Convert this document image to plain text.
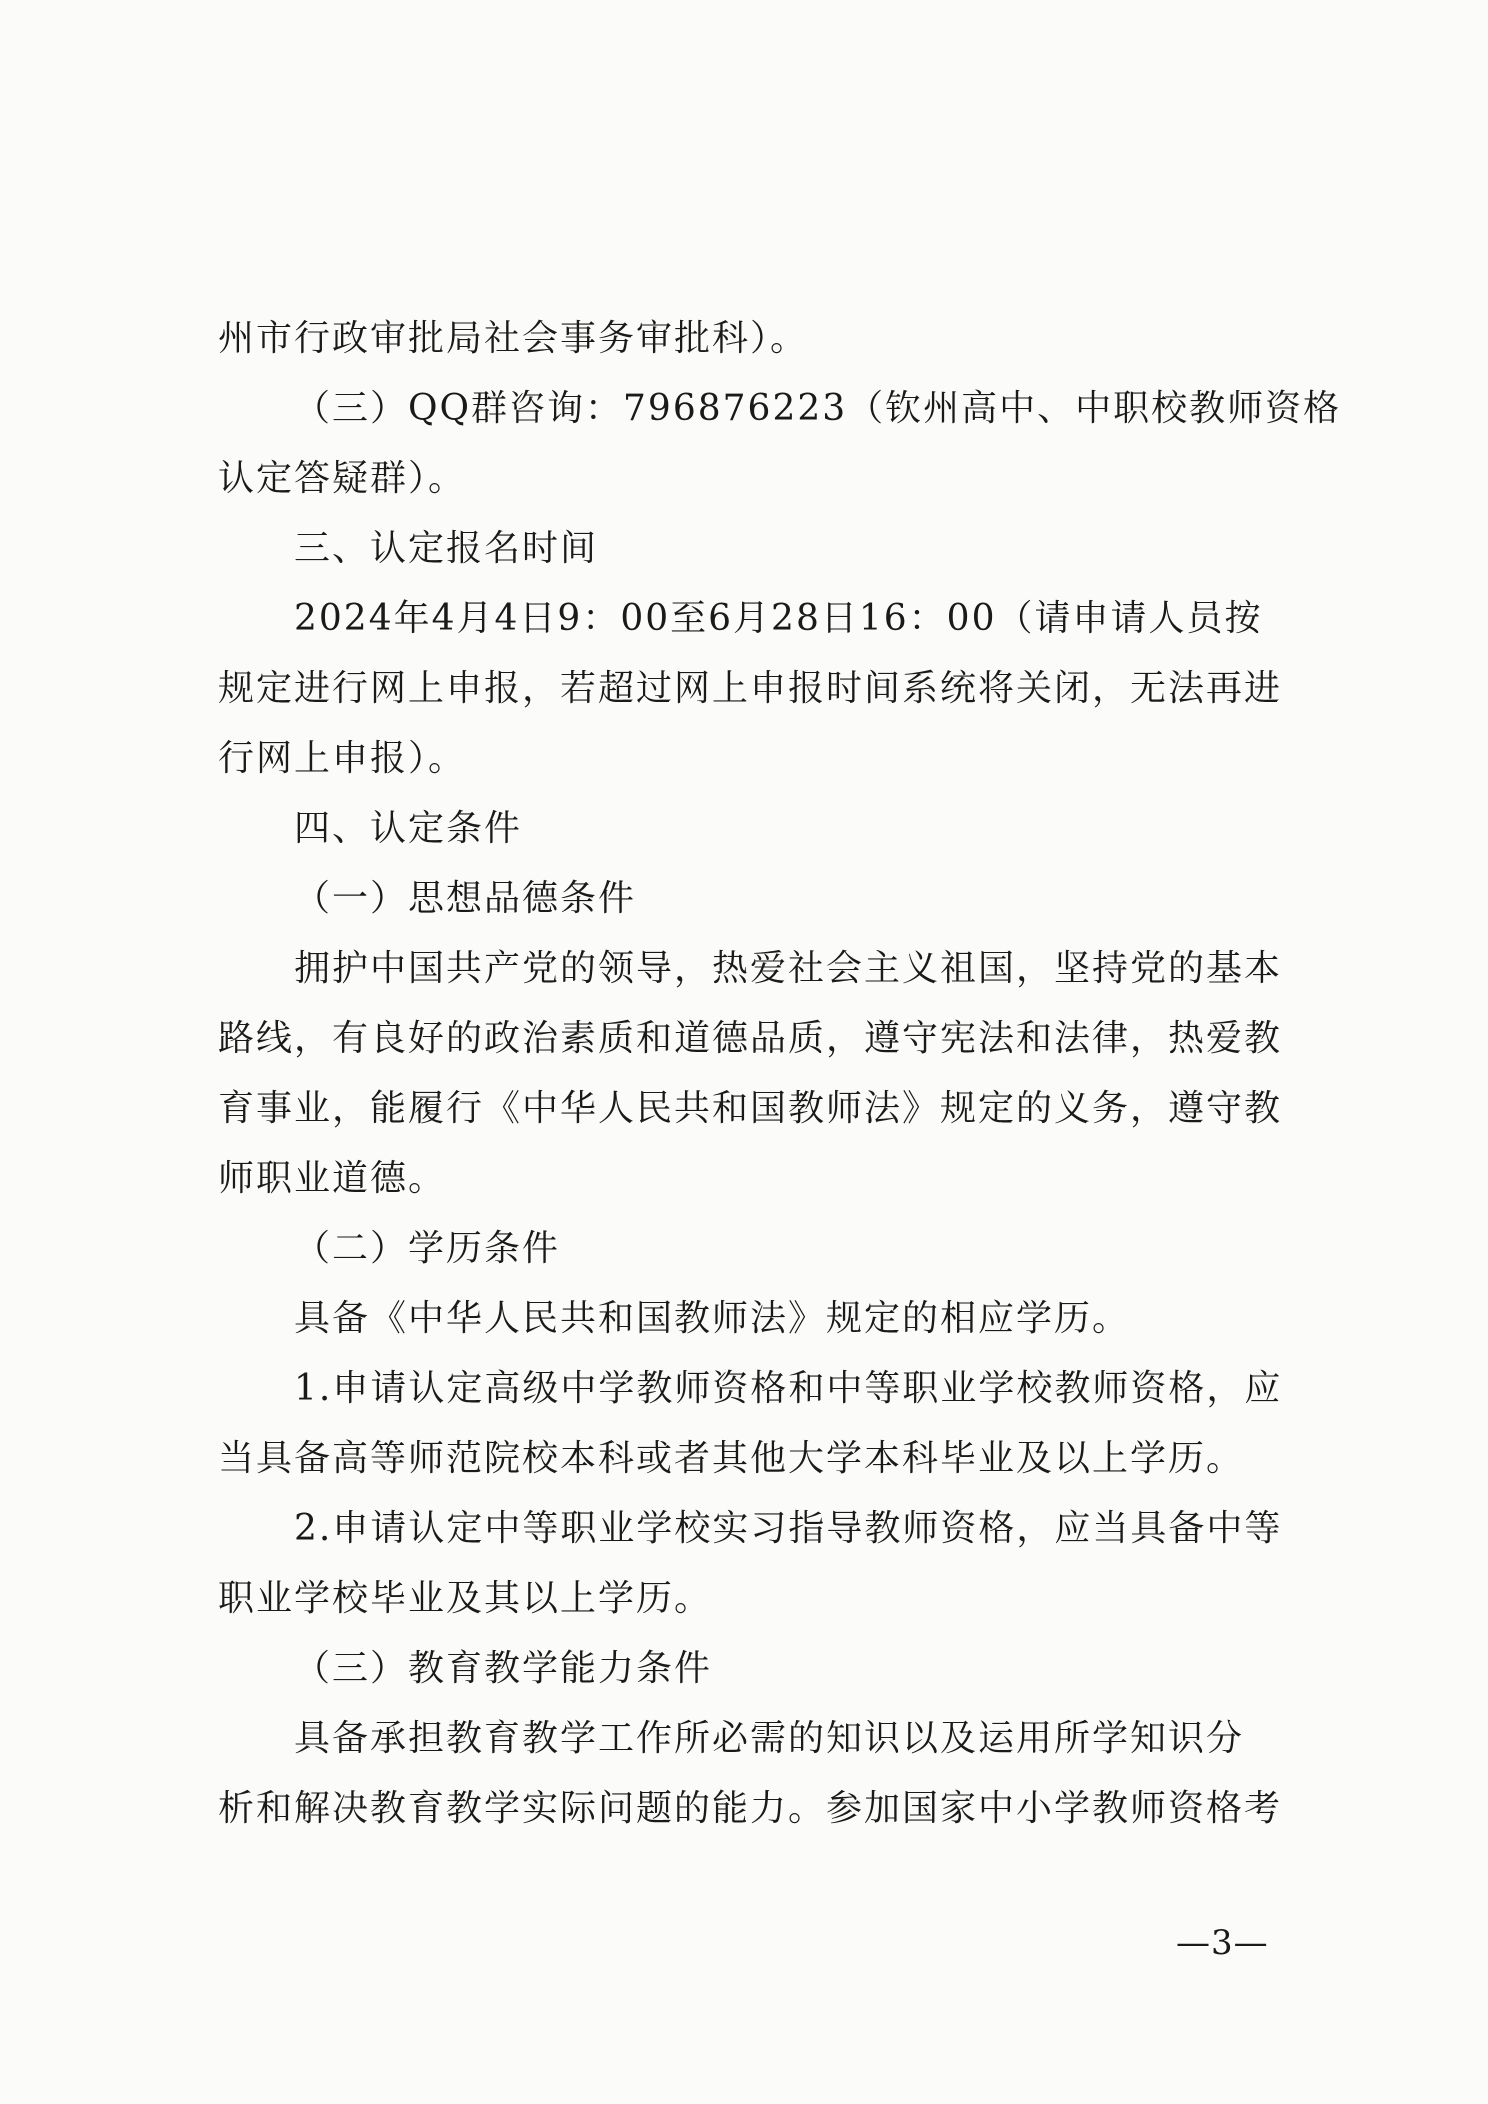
州市行政审批局社会事务审批科）。
（三）QQ群咨询：796876223（钦州高中、中职校教师资格
认定答疑群）。
三、认定报名时间
2024年4月4日9：00至6月28日16：00（请申请人员按
规定进行网上申报，若超过网上申报时间系统将关闭，无法再进
行网上申报）。
四、认定条件
（一）思想品德条件
拥护中国共产党的领导，热爱社会主义祖国，坚持党的基本
路线，有良好的政治素质和道德品质，遵守宪法和法律，热爱教
育事业，能履行《中华人民共和国教师法》规定的义务，遵守教
师职业道德。
（二）学历条件
具备《中华人民共和国教师法》规定的相应学历。
1.申请认定高级中学教师资格和中等职业学校教师资格，应
当具备高等师范院校本科或者其他大学本科毕业及以上学历。
2.申请认定中等职业学校实习指导教师资格，应当具备中等
职业学校毕业及其以上学历。
（三）教育教学能力条件
具备承担教育教学工作所必需的知识以及运用所学知识分
析和解决教育教学实际问题的能力。参加国家中小学教师资格考
—3—
